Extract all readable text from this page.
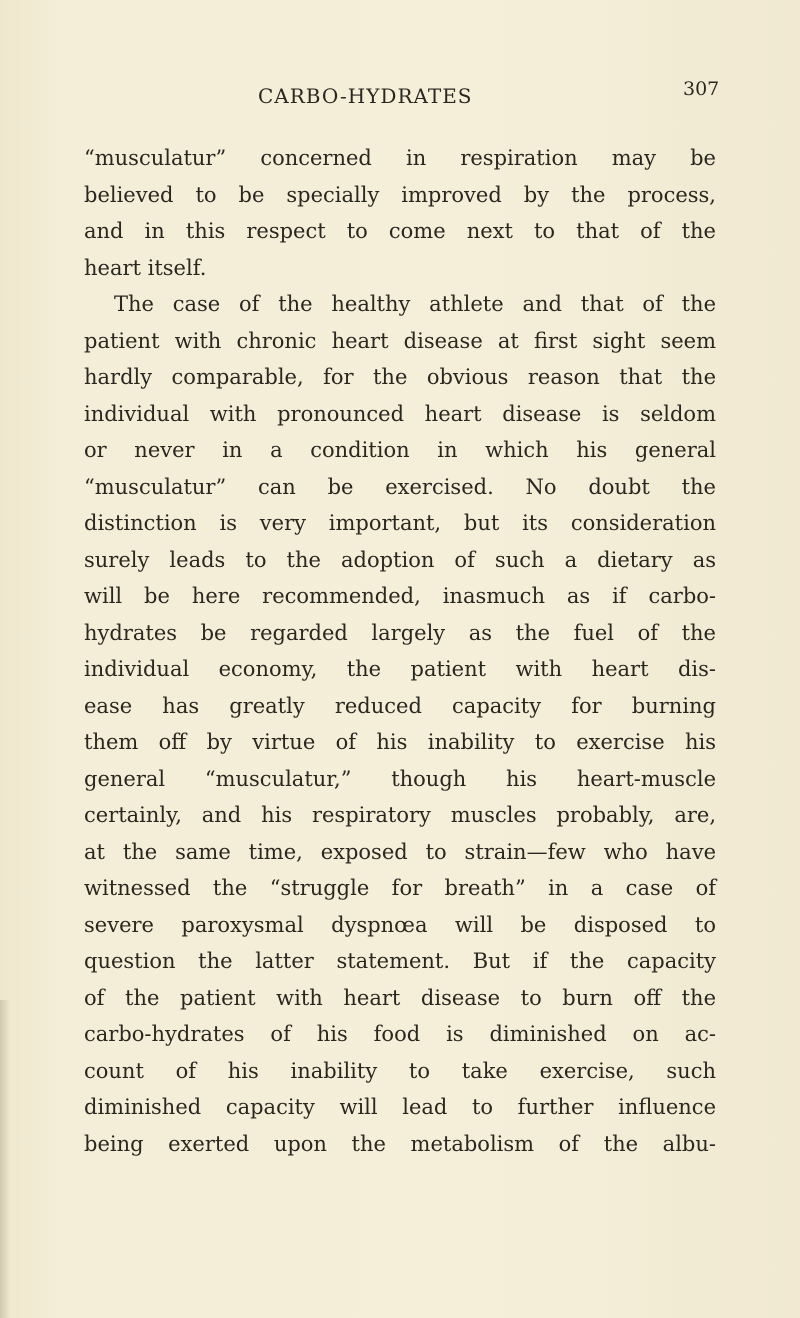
CARBO-HYDRATES	307
“musculatur” concerned in respiration may be
believed to be specially improved by the process,
and in this respect to come next to that of the
heart itself.
The case of the healthy athlete and that of the
patient with chronic heart disease at first sight seem
hardly comparable, for the obvious reason that the
individual with pronounced heart disease is seldom
or never in a condition in which his general
“musculatur” can be exercised. No doubt the
distinction is very important, but its consideration
surely leads to the adoption of such a dietary as
will be here recommended, inasmuch as if carbo-
hydrates be regarded largely as the fuel of the
individual economy, the patient with heart dis-
ease has greatly reduced capacity for burning
them off by virtue of his inability to exercise his
general “musculatur,” though his heart-muscle
certainly, and his respiratory muscles probably, are,
at the same time, exposed to strain—few who have
witnessed the “struggle for breath” in a case of
severe paroxysmal dyspnœa will be disposed to
question the latter statement. But if the capacity
of the patient with heart disease to burn off the
carbo-hydrates of his food is diminished on ac-
count of his inability to take exercise, such
diminished capacity will lead to further influence
being exerted upon the metabolism of the albu-
